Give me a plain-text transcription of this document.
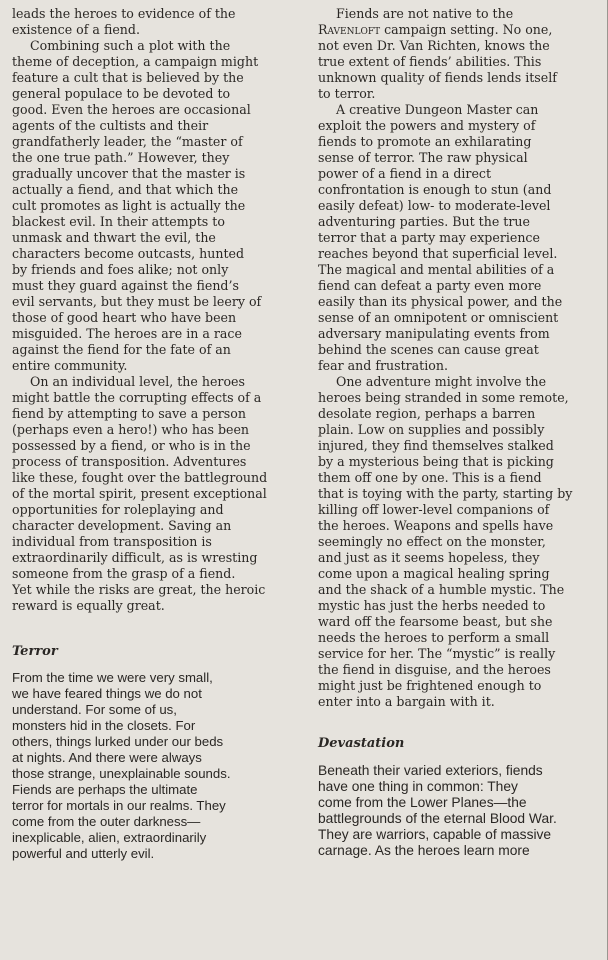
leads the heroes to evidence of the

existence of a fiend.

Combining such a plot with the

theme of deception, a campaign might

feature a cult that is believed by the

general populace to be devoted to

good. Even the heroes are occasional

agents of the cultists and their

grandfatherly leader, the “master of

the one true path.” However, they

gradually uncover that the master is

actually a fiend, and that which the

cult promotes as light is actually the

blackest evil. In their attempts to

unmask and thwart the evil, the

characters become outcasts, hunted

by friends and foes alike; not only

must they guard against the fiend’s

evil servants, but they must be leery of

those of good heart who have been

misguided. The heroes are in a race

against the fiend for the fate of an

entire community.

On an individual level, the heroes

might battle the corrupting effects of a

fiend by attempting to save a person

(perhaps even a hero!) who has been

possessed by a fiend, or who is in the

process of transposition. Adventures

like these, fought over the battleground

of the mortal spirit, present exceptional

opportunities for roleplaying and

character development. Saving an

individual from transposition is

extraordinarily difficult, as is wresting

someone from the grasp of a fiend.

Yet while the risks are great, the heroic

reward is equally great.

Terror

From the time we were very small,

we have feared things we do not

understand. For some of us,

monsters hid in the closets. For

others, things lurked under our beds

at nights. And there were always

those strange, unexplainable sounds.

Fiends are perhaps the ultimate

terror for mortals in our realms. They

come from the outer darkness—

inexplicable, alien, extraordinarily

powerful and utterly evil.

Fiends are not native to the

Ravenloft campaign setting. No one,

not even Dr. Van Richten, knows the

true extent of fiends’ abilities. This

unknown quality of fiends lends itself

to terror.

A creative Dungeon Master can

exploit the powers and mystery of

fiends to promote an exhilarating

sense of terror. The raw physical

power of a fiend in a direct

confrontation is enough to stun (and

easily defeat) low- to moderate-level

adventuring parties. But the true

terror that a party may experience

reaches beyond that superficial level.

The magical and mental abilities of a

fiend can defeat a party even more

easily than its physical power, and the

sense of an omnipotent or omniscient

adversary manipulating events from

behind the scenes can cause great

fear and frustration.

One adventure might involve the

heroes being stranded in some remote,

desolate region, perhaps a barren

plain. Low on supplies and possibly

injured, they find themselves stalked

by a mysterious being that is picking

them off one by one. This is a fiend

that is toying with the party, starting by

killing off lower-level companions of

the heroes. Weapons and spells have

seemingly no effect on the monster,

and just as it seems hopeless, they

come upon a magical healing spring

and the shack of a humble mystic. The

mystic has just the herbs needed to

ward off the fearsome beast, but she

needs the heroes to perform a small

service for her. The “mystic” is really

the fiend in disguise, and the heroes

might just be frightened enough to

enter into a bargain with it.

Devastation

Beneath their varied exteriors, fiends

have one thing in common: They

come from the Lower Planes—the

battlegrounds of the eternal Blood War.

They are warriors, capable of massive

carnage. As the heroes learn more
